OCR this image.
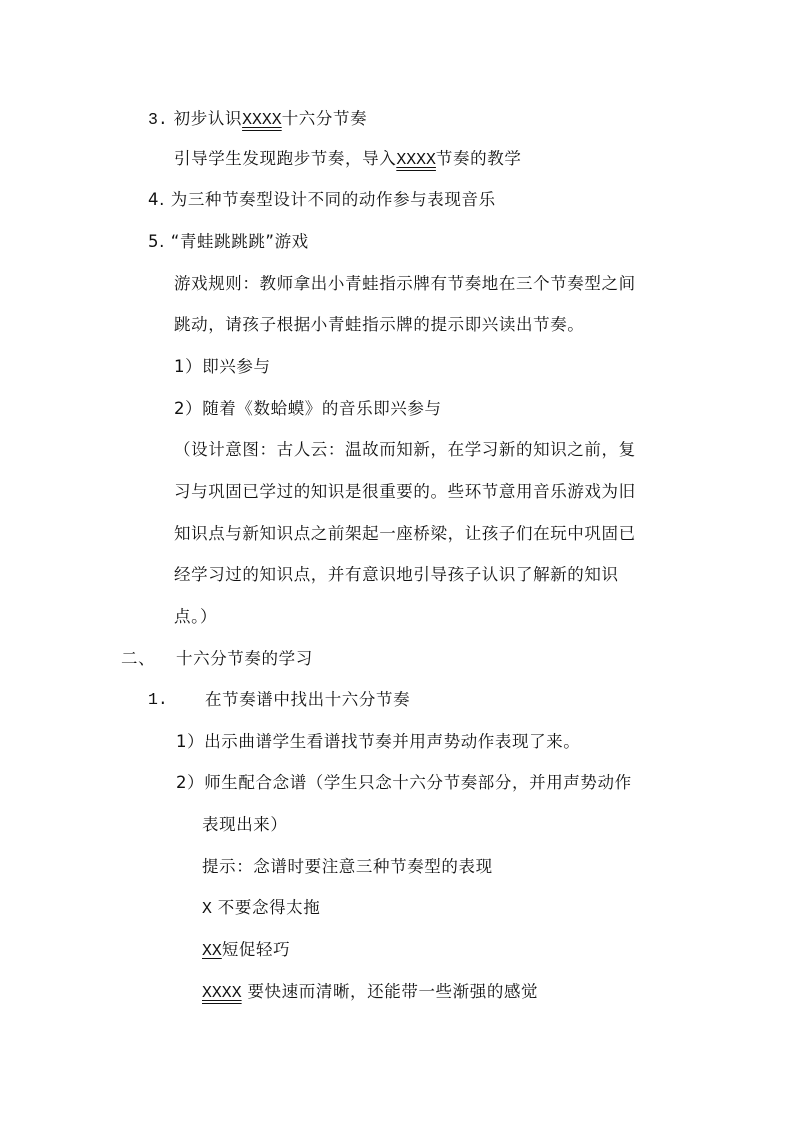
3. 初步认识XXXX十六分节奏
引导学生发现跑步节奏，导入XXXX节奏的教学
4. 为三种节奏型设计不同的动作参与表现音乐
5. “青蛙跳跳跳”游戏
游戏规则：教师拿出小青蛙指示牌有节奏地在三个节奏型之间
跳动，请孩子根据小青蛙指示牌的提示即兴读出节奏。
1）即兴参与
2）随着《数蛤蟆》的音乐即兴参与
（设计意图：古人云：温故而知新，在学习新的知识之前，复
习与巩固已学过的知识是很重要的。些环节意用音乐游戏为旧
知识点与新知识点之前架起一座桥梁，让孩子们在玩中巩固已
经学习过的知识点，并有意识地引导孩子认识了解新的知识
点。）
二、 十六分节奏的学习
1. 在节奏谱中找出十六分节奏
1）出示曲谱学生看谱找节奏并用声势动作表现了来。
2）师生配合念谱（学生只念十六分节奏部分，并用声势动作
表现出来）
提示：念谱时要注意三种节奏型的表现
X 不要念得太拖
XX短促轻巧
XXXX 要快速而清晰，还能带一些渐强的感觉
